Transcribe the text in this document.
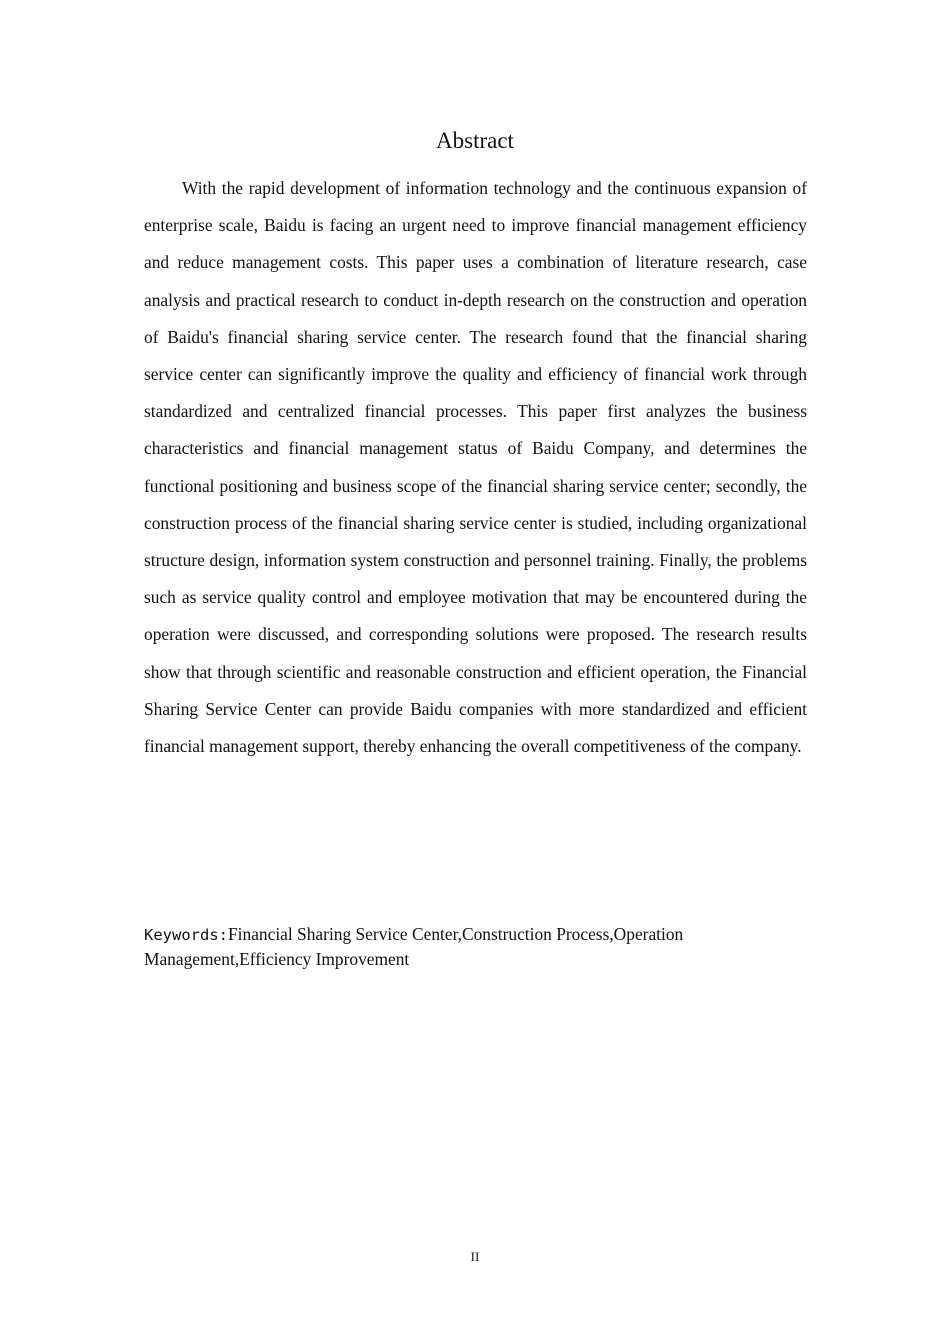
Abstract

With the rapid development of information technology and the continuous expansion of enterprise scale, Baidu is facing an urgent need to improve financial management efficiency and reduce management costs. This paper uses a combination of literature research, case analysis and practical research to conduct in-depth research on the construction and operation of Baidu's financial sharing service center. The research found that the financial sharing service center can significantly improve the quality and efficiency of financial work through standardized and centralized financial processes. This paper first analyzes the business characteristics and financial management status of Baidu Company, and determines the functional positioning and business scope of the financial sharing service center; secondly, the construction process of the financial sharing service center is studied, including organizational structure design, information system construction and personnel training. Finally, the problems such as service quality control and employee motivation that may be encountered during the operation were discussed, and corresponding solutions were proposed. The research results show that through scientific and reasonable construction and efficient operation, the Financial Sharing Service Center can provide Baidu companies with more standardized and efficient financial management support, thereby enhancing the overall competitiveness of the company.

Keywords:Financial Sharing Service Center,Construction Process,Operation Management,Efficiency Improvement

II
